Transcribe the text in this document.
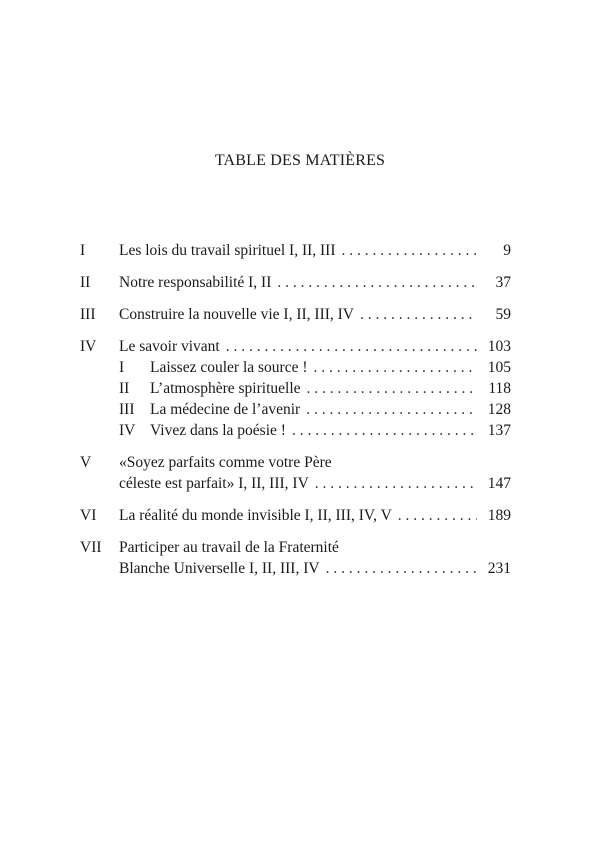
TABLE DES MATIÈRES
I	Les lois du travail spirituel I, II, III . . .	9
II	Notre responsabilité I, II . . .	37
III	Construire la nouvelle vie I, II, III, IV . . .	59
IV	Le savoir vivant . . .	103
I	Laissez couler la source ! . . .	105
II	L’atmosphère spirituelle . . .	118
III	La médecine de l’avenir . . .	128
IV Vivez dans la poésie ! . . .	137
V	«Soyez parfaits comme votre Père
céleste est parfait» I, II, III, IV . . .	147
VI	La réalité du monde invisible I, II, III, IV, V . . .	189
VII	Participer au travail de la Fraternité
Blanche Universelle I, II, III, IV . . .	231
